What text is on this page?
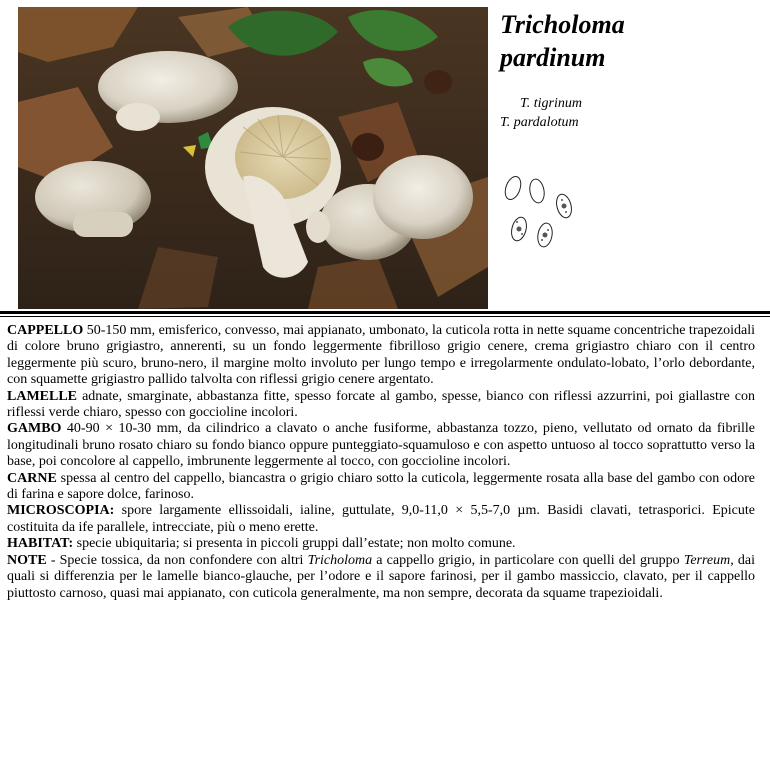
Tricholoma
pardinum
T. tigrinum
T. pardalotum

CAPPELLO 50-150 mm, emisferico, convesso, mai appianato, umbonato, la cuticola rotta in nette squame concentriche trapezoidali di colore bruno grigiastro, annerenti, su un fondo leggermente fibrilloso grigio cenere, crema grigiastro chiaro con il centro leggermente più scuro, bruno-nero, il margine molto involuto per lungo tempo e irregolarmente ondulato-lobato, l’orlo debordante, con squamette grigiastro pallido talvolta con riflessi grigio cenere argentato.

LAMELLE adnate, smarginate, abbastanza fitte, spesso forcate al gambo, spesse, bianco con riflessi azzurrini, poi giallastre con riflessi verde chiaro, spesso con goccioline incolori.

GAMBO 40-90 × 10-30 mm, da cilindrico a clavato o anche fusiforme, abbastanza tozzo, pieno, vellutato od ornato da fibrille longitudinali bruno rosato chiaro su fondo bianco oppure punteggiato-squamuloso e con aspetto untuoso al tocco soprattutto verso la base, poi concolore al cappello, imbrunente leggermente al tocco, con goccioline incolori.

CARNE spessa al centro del cappello, biancastra o grigio chiaro sotto la cuticola, leggermente rosata alla base del gambo con odore di farina e sapore dolce, farinoso.

MICROSCOPIA: spore largamente ellissoidali, ialine, guttulate, 9,0-11,0 × 5,5-7,0 µm. Basidi clavati, tetrasporici. Epicute costituita da ife parallele, intrecciate, più o meno erette.

HABITAT: specie ubiquitaria; si presenta in piccoli gruppi dall’estate; non molto comune.

NOTE - Specie tossica, da non confondere con altri Tricholoma a cappello grigio, in particolare con quelli del gruppo Terreum, dai quali si differenzia per le lamelle bianco-glauche, per l’odore e il sapore farinosi, per il gambo massiccio, clavato, per il cappello piuttosto carnoso, quasi mai appianato, con cuticola generalmente, ma non sempre, decorata da squame trapezioidali.
